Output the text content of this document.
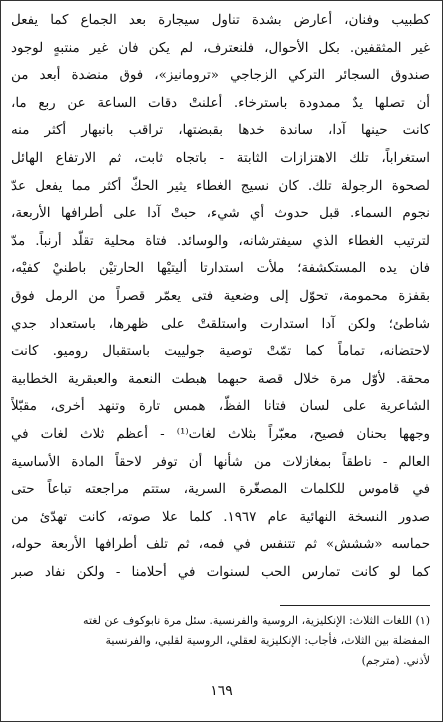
كطبيب وفنان، أعارض بشدة تناول سيجارة بعد الجماع كما يفعل
غير المثقفين. بكل الأحوال، فلنعترف، لم يكن فان غير منتبهٍ لوجود
صندوق السجائر التركي الزجاجي «ترومانيز»، فوق منضدة أبعد من
أن تصلها يدٌ ممدودة باسترخاء. أعلنتْ دقات الساعة عن ربع ما،
كانت حينها آدا، ساندة خدها بقبضتها، تراقب بانبهار أكثر منه
استغراباً، تلك الاهتزازات الثابتة - باتجاه ثابت، ثم الارتفاع الهائل
لصحوة الرجولة تلك. كان نسيج الغطاء يثير الحكّ أكثر مما يفعل عدّ
نجوم السماء. قبل حدوث أي شيء، حبتْ آدا على أطرافها الأربعة،
لترتيب الغطاء الذي سيفترشانه، والوسائد. فتاة محلية تقلّد أرنباً. مدّ
فان يده المستكشفة؛ ملأت استدارتا أليتيْها الحارتيْن باطنيْ كفيْه،
بقفزة محمومة، تحوّل إلى وضعية فتى يعمّر قصراً من الرمل فوق
شاطئ؛ ولكن آدا استدارت واستلقتْ على ظهرها، باستعداد جدي
لاحتضانه، تماماً كما تمّتْ توصية جولييت باستقبال روميو. كانت
محقة. لأوّل مرة خلال قصة حبهما هبطت النعمة والعبقرية الخطابية
الشاعرية على لسان فتانا الفظّ، همس تارة وتنهد أخرى، مقبّلاً
وجهها بحنان فصيح، معبّراً بثلاث لغات⁽¹⁾ - أعظم ثلاث لغات في
العالم - ناطقاً بمغازلات من شأنها أن توفر لاحقاً المادة الأساسية
في قاموس للكلمات المصغّرة السرية، ستتم مراجعته تباعاً حتى
صدور النسخة النهائية عام ١٩٦٧. كلما علا صوته، كانت تهدّئ من
حماسه «ششش» ثم تتنفس في فمه، ثم تلف أطرافها الأربعة حوله،
كما لو كانت تمارس الحب لسنوات في أحلامنا - ولكن نفاد صبر
(١) اللغات الثلاث: الإنكليزية، الروسية والفرنسية. سئل مرة نابوكوف عن لغته
المفضلة بين الثلاث، فأجاب: الإنكليزية لعقلي، الروسية لقلبي، والفرنسية
لأذني. (مترجم)
١٦٩
